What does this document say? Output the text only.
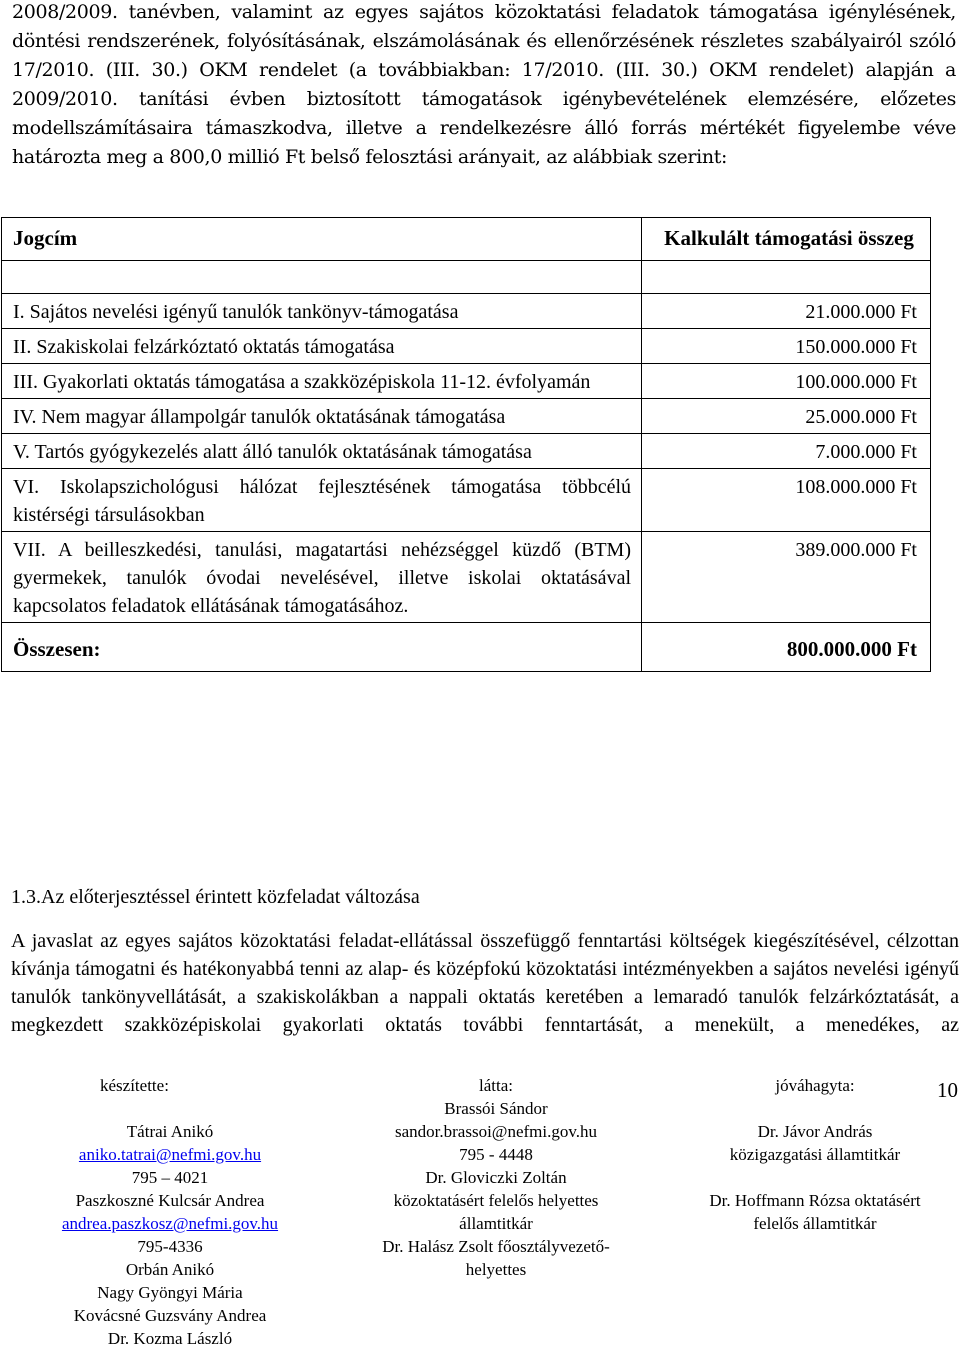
2008/2009. tanévben, valamint az egyes sajátos közoktatási feladatok támogatása igénylésének, döntési rendszerének, folyósításának, elszámolásának és ellenőrzésének részletes szabályairól szóló 17/2010. (III. 30.) OKM rendelet (a továbbiakban: 17/2010. (III. 30.) OKM rendelet) alapján a 2009/2010. tanítási évben biztosított támogatások igénybevételének elemzésére, előzetes modellszámításaira támaszkodva, illetve a rendelkezésre álló forrás mértékét figyelembe véve határozta meg a 800,0 millió Ft belső felosztási arányait, az alábbiak szerint:
Jogcím	Kalkulált támogatási összeg

I. Sajátos nevelési igényű tanulók tankönyv-támogatása	21.000.000 Ft
II. Szakiskolai felzárkóztató oktatás támogatása	150.000.000 Ft
III. Gyakorlati oktatás támogatása a szakközépiskola 11-12. évfolyamán	100.000.000 Ft
IV. Nem magyar állampolgár tanulók oktatásának támogatása	25.000.000 Ft
V. Tartós gyógykezelés alatt álló tanulók oktatásának támogatása	7.000.000 Ft
VI. Iskolapszichológusi hálózat fejlesztésének támogatása többcélú kistérségi társulásokban	108.000.000 Ft
VII. A beilleszkedési, tanulási, magatartási nehézséggel küzdő (BTM) gyermekek, tanulók óvodai nevelésével, illetve iskolai oktatásával kapcsolatos feladatok ellátásának támogatásához.	389.000.000 Ft
Összesen:	800.000.000 Ft
1.3.Az előterjesztéssel érintett közfeladat változása
A javaslat az egyes sajátos közoktatási feladat-ellátással összefüggő fenntartási költségek kiegészítésével, célzottan kívánja támogatni és hatékonyabbá tenni az alap- és középfokú közoktatási intézményekben a sajátos nevelési igényű tanulók tankönyvellátását, a szakiskolákban a nappali oktatás keretében a lemaradó tanulók felzárkóztatását, a megkezdett szakközépiskolai gyakorlati oktatás további fenntartását, a menekült, a menedékes, az
készítette:
Tátrai Anikó
aniko.tatrai@nefmi.gov.hu
795 – 4021
Paszkoszné Kulcsár Andrea
andrea.paszkosz@nefmi.gov.hu
795-4336
Orbán Anikó
Nagy Gyöngyi Mária
Kovácsné Guzsvány Andrea
Dr. Kozma László
látta:
Brassói Sándor
sandor.brassoi@nefmi.gov.hu
795 - 4448
Dr. Gloviczki Zoltán
közoktatásért felelős helyettes
államtitkár
Dr. Halász Zsolt főosztályvezető-
helyettes
jóváhagyta:
Dr. Jávor András
közigazgatási államtitkár
Dr. Hoffmann Rózsa oktatásért
felelős államtitkár
10
